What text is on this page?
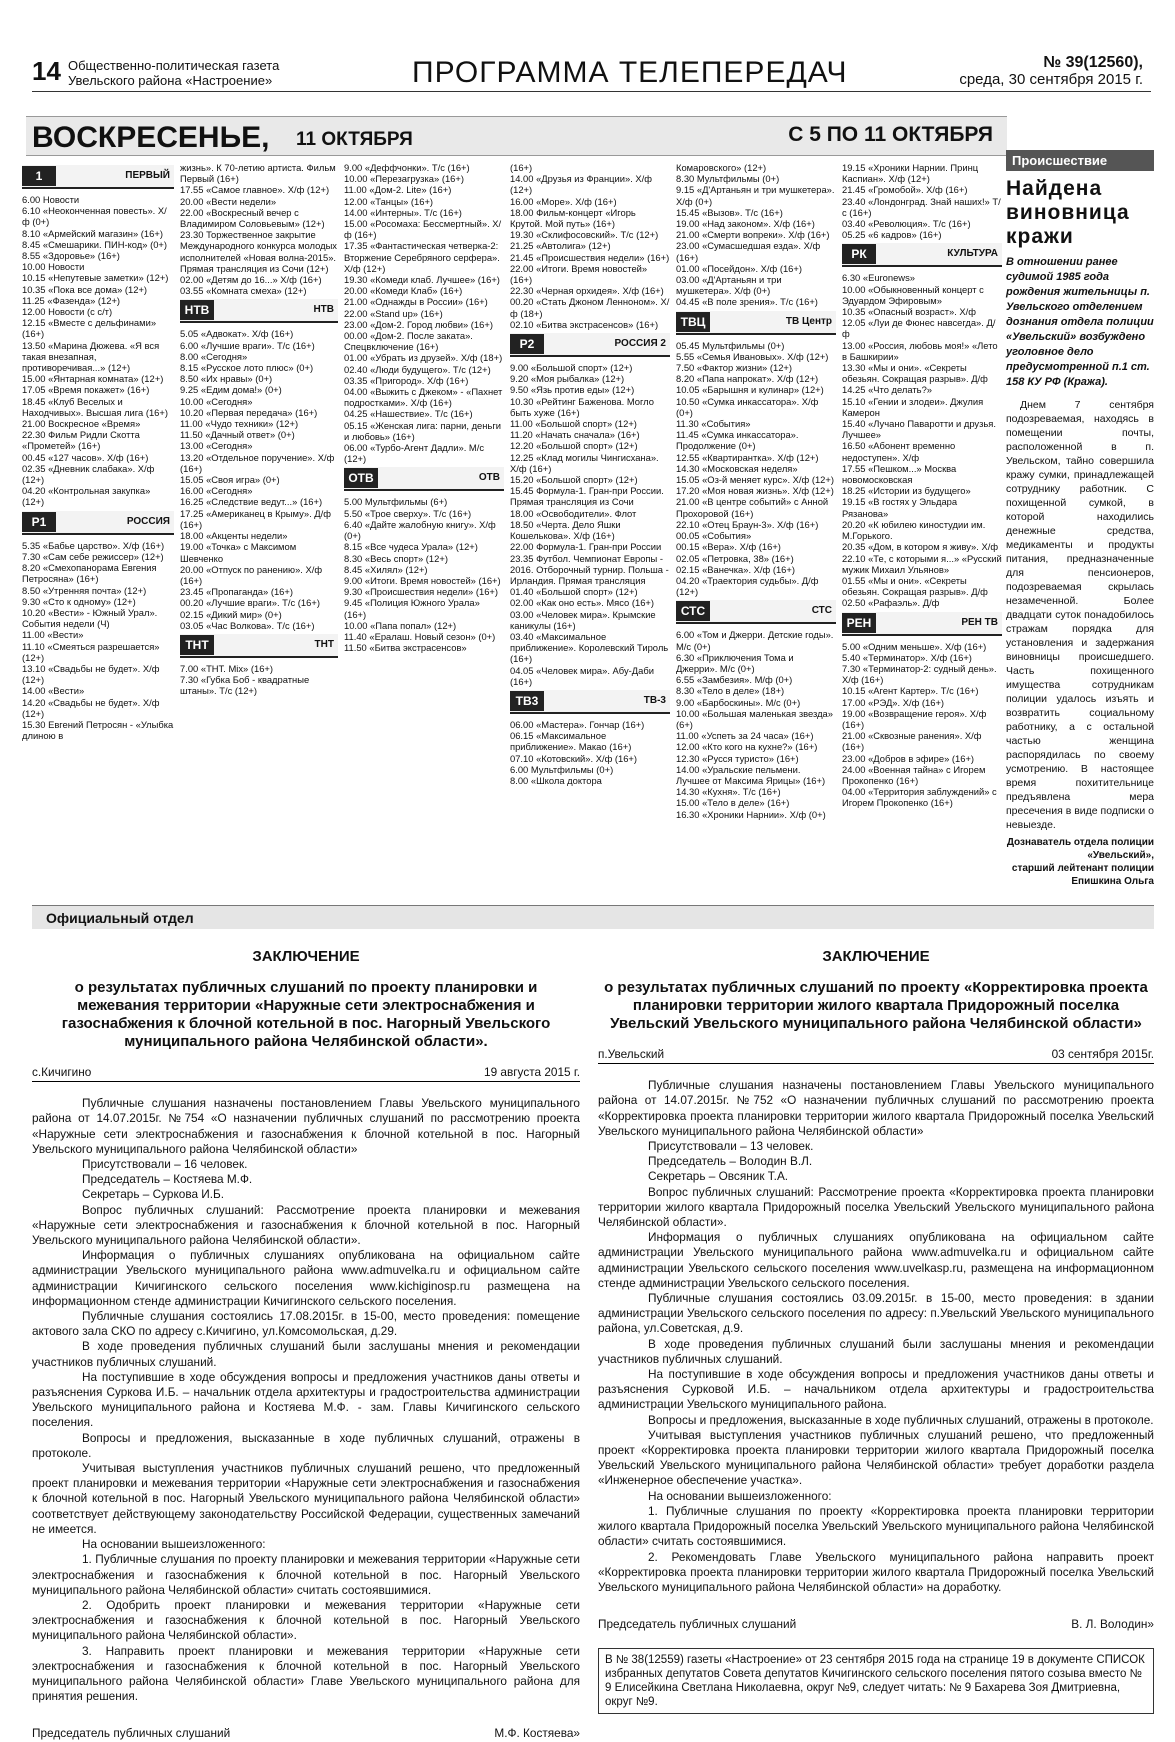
14 Общественно-политическая газета
Увельского района «Настроение»	ПРОГРАММА ТЕЛЕПЕРЕДАЧ	№ 39(12560),
среда, 30 сентября 2015 г.
ВОСКРЕСЕНЬЕ, 11 ОКТЯБРЯ	С 5 ПО 11 ОКТЯБРЯ
1	ПЕРВЫЙ
6.00 Новости
6.10 «Неоконченная повесть». Х/ф (0+)
8.10 «Армейский магазин» (16+)
8.45 «Смешарики. ПИН-код» (0+)
8.55 «Здоровье» (16+)
10.00 Новости
10.15 «Непутевые заметки» (12+)
10.35 «Пока все дома» (12+)
11.25 «Фазенда» (12+)
12.00 Новости (с с/т)
12.15 «Вместе с дельфинами» (16+)
13.50 «Марина Дюжева. «Я вся такая внезапная, противоречивая...» (12+)
15.00 «Янтарная комната» (12+)
17.05 «Время покажет» (16+)
18.45 «Клуб Веселых и Находчивых». Высшая лига (16+)
21.00 Воскресное «Время»
22.30 Фильм Ридли Скотта «Прометей» (16+)
00.45 «127 часов». Х/ф (16+)
02.35 «Дневник слабака». Х/ф (12+)
04.20 «Контрольная закупка» (12+)
Р1	РОССИЯ
5.35 «Бабье царство». Х/ф (16+)
7.30 «Сам себе режиссер» (12+)
8.20 «Смехопанорама Евгения Петросяна» (16+)
8.50 «Утренняя почта» (12+)
9.30 «Сто к одному» (12+)
10.20 «Вести» - Южный Урал». События недели (Ч)
11.00 «Вести»
11.10 «Смеяться разрешается» (12+)
13.10 «Свадьбы не будет». Х/ф (12+)
14.00 «Вести»
14.20 «Свадьбы не будет». Х/ф (12+)
15.30 Евгений Петросян - «Улыбка длиною в
жизнь». К 70-летию артиста. Фильм Первый (16+)
17.55 «Самое главное». Х/ф (12+)
20.00 «Вести недели»
22.00 «Воскресный вечер с Владимиром Соловьевым» (12+)
23.30 Торжественное закрытие Международного конкурса молодых исполнителей «Новая волна-2015». Прямая трансляция из Сочи (12+)
02.00 «Детям до 16...» Х/ф (16+)
03.55 «Комната смеха» (12+)
НТВ	НТВ
5.05 «Адвокат». Х/ф (16+)
6.00 «Лучшие враги». Т/с (16+)
8.00 «Сегодня»
8.15 «Русское лото плюс» (0+)
8.50 «Их нравы» (0+)
9.25 «Едим дома!» (0+)
10.00 «Сегодня»
10.20 «Первая передача» (16+)
11.00 «Чудо техники» (12+)
11.50 «Дачный ответ» (0+)
13.00 «Сегодня»
13.20 «Отдельное поручение». Х/ф (16+)
15.05 «Своя игра» (0+)
16.00 «Сегодня»
16.25 «Следствие ведут...» (16+)
17.25 «Американец в Крыму». Д/ф (16+)
18.00 «Акценты недели»
19.00 «Точка» с Максимом Шевченко
20.00 «Отпуск по ранению». Х/ф (16+)
23.45 «Пропаганда» (16+)
00.20 «Лучшие враги». Т/с (16+)
02.15 «Дикий мир» (0+)
03.05 «Час Волкова». Т/с (16+)
ТНТ	ТНТ
7.00 «ТНТ. Mix» (16+)
7.30 «Губка Боб - квадратные штаны». Т/с (12+)
9.00 «Деффчонки». Т/с (16+)
10.00 «Перезагрузка» (16+)
11.00 «Дом-2. Lite» (16+)
12.00 «Танцы» (16+)
14.00 «Интерны». Т/с (16+)
15.00 «Росомаха: Бессмертный». Х/ф (16+)
17.35 «Фантастическая четверка-2: Вторжение Серебряного серфера». Х/ф (12+)
19.30 «Комеди клаб. Лучшее» (16+)
20.00 «Комеди Клаб» (16+)
21.00 «Однажды в России» (16+)
22.00 «Stand up» (16+)
23.00 «Дом-2. Город любви» (16+)
00.00 «Дом-2. После заката». Спецвключение (16+)
01.00 «Убрать из друзей». Х/ф (18+)
02.40 «Люди будущего». Т/с (12+)
03.35 «Пригород». Х/ф (16+)
04.00 «Выжить с Джеком» - «Пахнет подростками». Х/ф (16+)
04.25 «Нашествие». Т/с (16+)
05.15 «Женская лига: парни, деньги и любовь» (16+)
06.00 «Турбо-Агент Дадли». М/с (12+)
ОТВ	ОТВ
5.00 Мультфильмы (6+)
5.50 «Трое сверху». Т/с (16+)
6.40 «Дайте жалобную книгу». Х/ф (0+)
8.15 «Все чудеса Урала» (12+)
8.30 «Весь спорт» (12+)
8.45 «Хилял» (12+)
9.00 «Итоги. Время новостей» (16+)
9.30 «Происшествия недели» (16+)
9.45 «Полиция Южного Урала» (16+)
10.00 «Папа попал» (12+)
11.40 «Ералаш. Новый сезон» (0+)
11.50 «Битва экстрасенсов»
(16+)
14.00 «Друзья из Франции». Х/ф (12+)
16.00 «Море». Х/ф (16+)
18.00 Фильм-концерт «Игорь Крутой. Мой путь» (16+)
19.30 «Склифосовский». Т/с (12+)
21.25 «Автолига» (12+)
21.45 «Происшествия недели» (16+)
22.00 «Итоги. Время новостей» (16+)
22.30 «Черная орхидея». Х/ф (16+)
00.20 «Стать Джоном Ленноном». Х/ф (18+)
02.10 «Битва экстрасенсов» (16+)
Р2	РОССИЯ 2
9.00 «Большой спорт» (12+)
9.20 «Моя рыбалка» (12+)
9.50 «Язь против еды» (12+)
10.30 «Рейтинг Баженова. Могло быть хуже (16+)
11.00 «Большой спорт» (12+)
11.20 «Начать сначала» (16+)
12.20 «Большой спорт» (12+)
12.25 «Клад могилы Чингисхана». Х/ф (16+)
15.20 «Большой спорт» (12+)
15.45 Формула-1. Гран-при России. Прямая трансляция из Сочи
18.00 «Освободители». Флот
18.50 «Черта. Дело Яшки Кошелькова». Х/ф (16+)
22.00 Формула-1. Гран-при России
23.35 Футбол. Чемпионат Европы - 2016. Отборочный турнир. Польша - Ирландия. Прямая трансляция
01.40 «Большой спорт» (12+)
02.00 «Как оно есть». Мясо (16+)
03.00 «Человек мира». Крымские каникулы (16+)
03.40 «Максимальное приближение». Королевский Тироль (16+)
04.05 «Человек мира». Абу-Даби (16+)
ТВ3	ТВ-3
06.00 «Мастера». Гончар (16+)
06.15 «Максимальное приближение». Макао (16+)
07.10 «Котовский». Х/ф (16+)
6.00 Мультфильмы (0+)
8.00 «Школа доктора
Комаровского» (12+)
8.30 Мультфильмы (0+)
9.15 «Д'Артаньян и три мушкетера». Х/ф (0+)
15.45 «Вызов». Т/с (16+)
19.00 «Над законом». Х/ф (16+)
21.00 «Смерти вопреки». Х/ф (16+)
23.00 «Сумасшедшая езда». Х/ф (16+)
01.00 «Посейдон». Х/ф (16+)
03.00 «Д'Артаньян и три мушкетера». Х/ф (0+)
04.45 «В поле зрения». Т/с (16+)
ТВЦ	ТВ Центр
05.45 Мультфильмы (0+)
5.55 «Семья Ивановых». Х/ф (12+)
7.50 «Фактор жизни» (12+)
8.20 «Папа напрокат». Х/ф (12+)
10.05 «Барышня и кулинар» (12+)
10.50 «Сумка инкассатора». Х/ф (0+)
11.30 «События»
11.45 «Сумка инкассатора». Продолжение (0+)
12.55 «Квартирантка». Х/ф (12+)
14.30 «Московская неделя»
15.05 «Оз-й меняет курс». Х/ф (12+)
17.20 «Моя новая жизнь». Х/ф (12+)
21.00 «В центре событий» с Анной Прохоровой (16+)
22.10 «Отец Браун-3». Х/ф (16+)
00.05 «События»
00.15 «Вера». Х/ф (16+)
02.05 «Петровка, 38» (16+)
02.15 «Ванечка». Х/ф (16+)
04.20 «Траектория судьбы». Д/ф (12+)
СТС	СТС
6.00 «Том и Джерри. Детские годы». М/с (0+)
6.30 «Приключения Тома и Джерри». М/с (0+)
6.55 «Замбезия». М/ф (0+)
8.30 «Тело в деле» (18+)
9.00 «Барбоскины». М/с (0+)
10.00 «Большая маленькая звезда» (6+)
11.00 «Успеть за 24 часа» (16+)
12.00 «Кто кого на кухне?» (16+)
12.30 «Русся туристо» (16+)
14.00 «Уральские пельмени. Лучшее от Максима Ярицы» (16+)
14.30 «Кухня». Т/с (16+)
15.00 «Тело в деле» (16+)
16.30 «Хроники Нарнии». Х/ф (0+)
19.15 «Хроники Нарнии. Принц Каспиан». Х/ф (12+)
21.45 «Громобой». Х/ф (16+)
23.40 «Лондонград. Знай наших!» Т/с (16+)
03.40 «Революция». Т/с (16+)
05.25 «6 кадров» (16+)
РК	КУЛЬТУРА
6.30 «Euronews»
10.00 «Обыкновенный концерт с Эдуардом Эфировым»
10.35 «Опасный возраст». Х/ф
12.05 «Луи де Фюнес навсегда». Д/ф
13.00 «Россия, любовь моя!» «Лето в Башкирии»
13.30 «Мы и они». «Секреты обезьян. Сокращая разрыв». Д/ф
14.25 «Что делать?»
15.10 «Гении и злодеи». Джулия Камерон
15.40 «Лучано Паваротти и друзья. Лучшее»
16.50 «Абонент временно недоступен». Х/ф
17.55 «Пешком...» Москва новомосковская
18.25 «Истории из будущего»
19.15 «В гостях у Эльдара Рязанова»
20.20 «К юбилею киностудии им. М.Горького.
20.35 «Дом, в котором я живу». Х/ф
22.10 «Те, с которыми я...» «Русский мужик Михаил Ульянов»
01.55 «Мы и они». «Секреты обезьян. Сокращая разрыв». Д/ф
02.50 «Рафаэль». Д/ф
РЕН	РЕН ТВ
5.00 «Одним меньше». Х/ф (16+)
5.40 «Терминатор». Х/ф (16+)
7.30 «Терминатор-2: судный день». Х/ф (16+)
10.15 «Агент Картер». Т/с (16+)
17.00 «РЭД». Х/ф (16+)
19.00 «Возвращение героя». Х/ф (16+)
21.00 «Сквозные ранения». Х/ф (16+)
23.00 «Добров в эфире» (16+)
24.00 «Военная тайна» с Игорем Прокопенко (16+)
04.00 «Территория заблуждений» с Игорем Прокопенко (16+)
Происшествие
Найдена виновница кражи
В отношении ранее судимой 1985 года рождения жительницы п. Увельского отделением дознания отдела полиции «Увельский» возбуждено уголовное дело предусмотренной п.1 ст. 158 КУ РФ (Кража).
Днем 7 сентября подозреваемая, находясь в помещении почты, расположенной в п. Увельском, тайно совершила кражу сумки, принадлежащей сотруднику работник. С похищенной сумкой, в которой находились денежные средства, медикаменты и продукты питания, предназначенные для пенсионеров, подозреваемая скрылась незамеченной. Более двадцати суток понадобилось стражам порядка для установления и задержания виновницы происшедшего. Часть похищенного имущества сотрудникам полиции удалось изъять и возвратить социальному работнику, а с остальной частью женщина распорядилась по своему усмотрению. В настоящее время похитительнице предъявлена мера пресечения в виде подписки о невыезде.
Дознаватель отдела полиции «Увельский»,
старший лейтенант полиции Епишкина Ольга
Официальный отдел
ЗАКЛЮЧЕНИЕ
о результатах публичных слушаний по проекту планировки и межевания территории «Наружные сети электроснабжения и газоснабжения к блочной котельной в пос. Нагорный Увельского муниципального района Челябинской области».
с.Кичигино	19 августа 2015 г.

Публичные слушания назначены постановлением Главы Увельского муниципального района от 14.07.2015г. №754 «О назначении публичных слушаний по рассмотрению проекта «Наружные сети электроснабжения и газоснабжения к блочной котельной в пос. Нагорный Увельского муниципального района Челябинской области»

Присутствовали – 16 человек.

Председатель – Костяева М.Ф.

Секретарь – Суркова И.Б.

Вопрос публичных слушаний: Рассмотрение проекта планировки и межевания «Наружные сети электроснабжения и газоснабжения к блочной котельной в пос. Нагорный Увельского муниципального района Челябинской области».

Информация о публичных слушаниях опубликована на официальном сайте администрации Увельского муниципального района www.admuvelka.ru и официальном сайте администрации Кичигинского сельского поселения www.kichiginosp.ru размещена на информационном стенде администрации Кичигинского сельского поселения.

Публичные слушания состоялись 17.08.2015г. в 15-00, место проведения: помещение актового зала СКО по адресу с.Кичигино, ул.Комсомольская, д.29.

В ходе проведения публичных слушаний были заслушаны мнения и рекомендации участников публичных слушаний.

На поступившие в ходе обсуждения вопросы и предложения участников даны ответы и разъяснения Суркова И.Б. – начальник отдела архитектуры и градостроительства администрации Увельского муниципального района и Костяева М.Ф. - зам. Главы Кичигинского сельского поселения.

Вопросы и предложения, высказанные в ходе публичных слушаний, отражены в протоколе.

Учитывая выступления участников публичных слушаний решено, что предложенный проект планировки и межевания территории «Наружные сети электроснабжения и газоснабжения к блочной котельной в пос. Нагорный Увельского муниципального района Челябинской области» соответствует действующему законодательству Российской Федерации, существенных замечаний не имеется.

На основании вышеизложенного:

1. Публичные слушания по проекту планировки и межевания территории «Наружные сети электроснабжения и газоснабжения к блочной котельной в пос. Нагорный Увельского муниципального района Челябинской области» считать состоявшимися.

2. Одобрить проект планировки и межевания территории «Наружные сети электроснабжения и газоснабжения к блочной котельной в пос. Нагорный Увельского муниципального района Челябинской области».

3. Направить проект планировки и межевания территории «Наружные сети электроснабжения и газоснабжения к блочной котельной в пос. Нагорный Увельского муниципального района Челябинской области» Главе Увельского муниципального района для принятия решения.

Председатель публичных слушаний	М.Ф. Костяева»
ЗАКЛЮЧЕНИЕ
о результатах публичных слушаний по проекту «Корректировка проекта планировки территории жилого квартала Придорожный поселка Увельский Увельского муниципального района Челябинской области»
п.Увельский	03 сентября 2015г.

Публичные слушания назначены постановлением Главы Увельского муниципального района от 14.07.2015г. №752 «О назначении публичных слушаний по рассмотрению проекта «Корректировка проекта планировки территории жилого квартала Придорожный поселка Увельский Увельского муниципального района Челябинской области»

Присутствовали – 13 человек.

Председатель – Володин В.Л.

Секретарь – Овсяник Т.А.

Вопрос публичных слушаний: Рассмотрение проекта «Корректировка проекта планировки территории жилого квартала Придорожный поселка Увельский Увельского муниципального района Челябинской области».

Информация о публичных слушаниях опубликована на официальном сайте администрации Увельского муниципального района www.admuvelka.ru и официальном сайте администрации Увельского сельского поселения www.uvelkasp.ru, размещена на информационном стенде администрации Увельского сельского поселения.

Публичные слушания состоялись 03.09.2015г. в 15-00, место проведения: в здании администрации Увельского сельского поселения по адресу: п.Увельский Увельского муниципального района, ул.Советская, д.9.

В ходе проведения публичных слушаний были заслушаны мнения и рекомендации участников публичных слушаний.

На поступившие в ходе обсуждения вопросы и предложения участников даны ответы и разъяснения Сурковой И.Б. – начальником отдела архитектуры и градостроительства администрации Увельского муниципального района.

Вопросы и предложения, высказанные в ходе публичных слушаний, отражены в протоколе.

Учитывая выступления участников публичных слушаний решено, что предложенный проект «Корректировка проекта планировки территории жилого квартала Придорожный поселка Увельский Увельского муниципального района Челябинской области» требует доработки раздела «Инженерное обеспечение участка».

На основании вышеизложенного:

1. Публичные слушания по проекту «Корректировка проекта планировки территории жилого квартала Придорожный поселка Увельский Увельского муниципального района Челябинской области» считать состоявшимися.

2. Рекомендовать Главе Увельского муниципального района направить проект «Корректировка проекта планировки территории жилого квартала Придорожный поселка Увельский Увельского муниципального района Челябинской области» на доработку.

Председатель публичных слушаний	В. Л. Володин»
В № 38(12559) газеты «Настроение» от 23 сентября 2015 года на странице 19 в документе СПИСОК избранных депутатов Совета депутатов Кичигинского сельского поселения пятого созыва вместо № 9 Елисейкина Светлана Николаевна, округ №9, следует читать: № 9 Бахарева Зоя Дмитриевна, округ №9.
